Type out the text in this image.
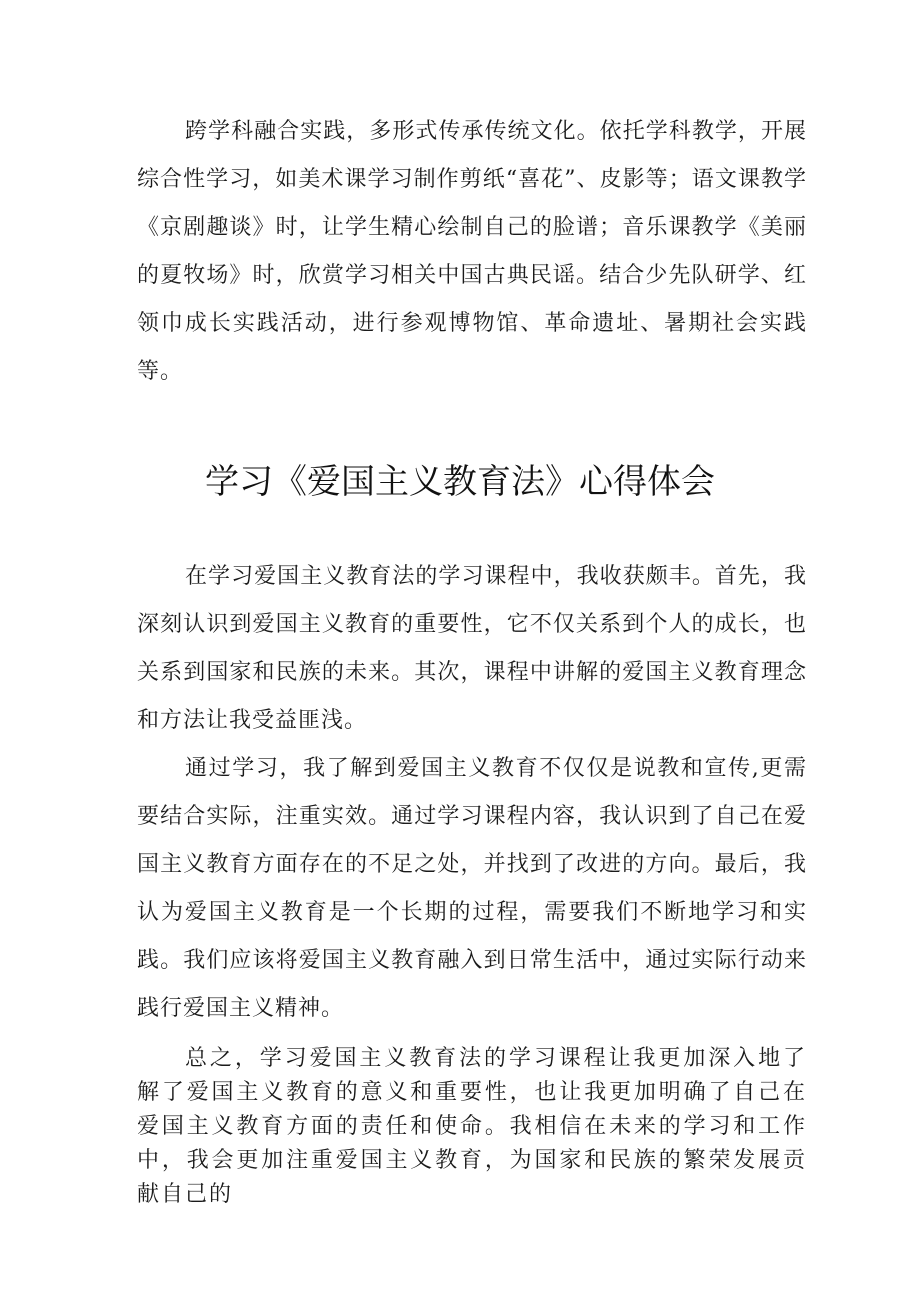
跨学科融合实践，多形式传承传统文化。依托学科教学，开展综合性学习，如美术课学习制作剪纸“喜花”、皮影等；语文课教学《京剧趣谈》时，让学生精心绘制自己的脸谱；音乐课教学《美丽的夏牧场》时，欣赏学习相关中国古典民谣。结合少先队研学、红领巾成长实践活动，进行参观博物馆、革命遗址、暑期社会实践等。

学习《爱国主义教育法》心得体会

在学习爱国主义教育法的学习课程中，我收获颇丰。首先，我深刻认识到爱国主义教育的重要性，它不仅关系到个人的成长，也关系到国家和民族的未来。其次，课程中讲解的爱国主义教育理念和方法让我受益匪浅。

通过学习，我了解到爱国主义教育不仅仅是说教和宣传,更需要结合实际，注重实效。通过学习课程内容，我认识到了自己在爱国主义教育方面存在的不足之处，并找到了改进的方向。最后，我认为爱国主义教育是一个长期的过程，需要我们不断地学习和实践。我们应该将爱国主义教育融入到日常生活中，通过实际行动来践行爱国主义精神。

总之，学习爱国主义教育法的学习课程让我更加深入地了解了爱国主义教育的意义和重要性，也让我更加明确了自己在爱国主义教育方面的责任和使命。我相信在未来的学习和工作中，我会更加注重爱国主义教育，为国家和民族的繁荣发展贡献自己的
